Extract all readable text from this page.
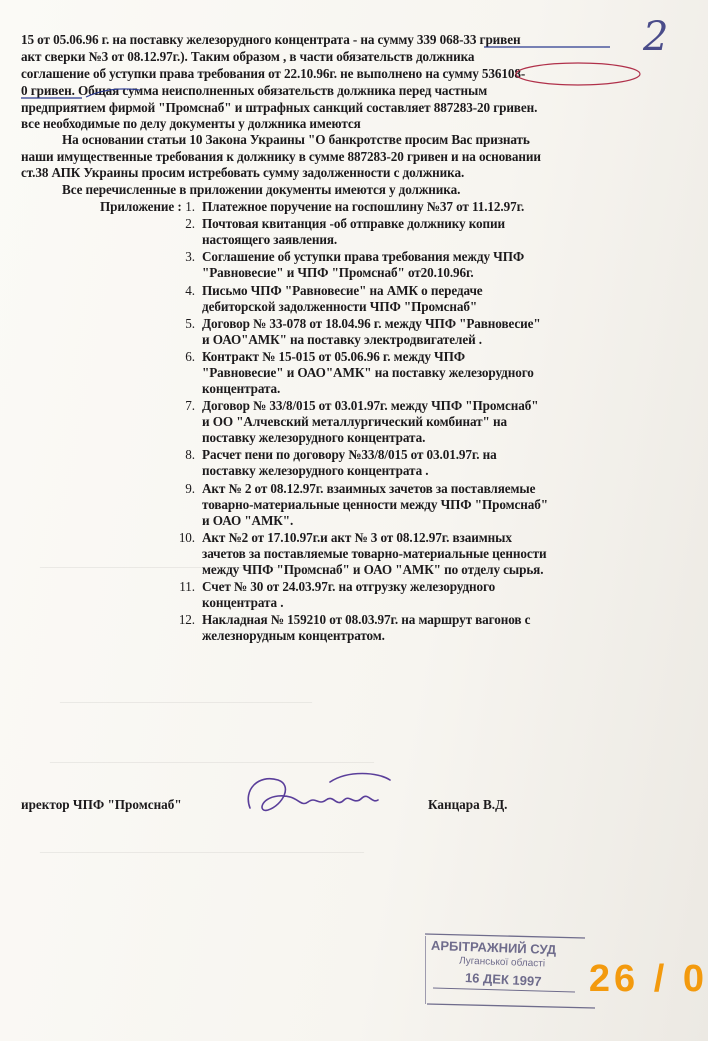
______________________________________________
__________________________________________
______________________________________________________
______________________________________________________
2
15 от 05.06.96 г. на поставку железорудного концентрата - на сумму 339 068-33 гривен
акт сверки №3 от 08.12.97г.). Таким образом , в части обязательств должника
соглашение об уступки права требования от 22.10.96г. не выполнено на сумму 536108-
0 гривен. Общая сумма неисполненных обязательств должника перед частным
предприятием фирмой "Промснаб" и штрафных санкций составляет 887283-20 гривен.
все необходимые по делу документы у должника имеются
На основании статьи 10 Закона Украины "О банкротстве просим Вас признать
наши имущественные требования к должнику в сумме 887283-20 гривен и на основании
ст.38 АПК Украины просим истребовать сумму задолженности с должника.
Все перечисленные в приложении документы имеются у должника.
Приложение : 1. Платежное поручение на госпошлину №37 от 11.12.97г.
2. Почтовая квитанция -об отправке должнику копии
настоящего заявления.
3. Соглашение об уступки права требования между ЧПФ
"Равновесие" и ЧПФ "Промснаб" от20.10.96г.
4. Письмо ЧПФ "Равновесие" на АМК о передаче
дебиторской задолженности ЧПФ "Промснаб"
5. Договор № 33-078 от 18.04.96 г. между ЧПФ "Равновесие"
и ОАО"АМК" на поставку электродвигателей .
6. Контракт № 15-015 от 05.06.96 г. между ЧПФ
"Равновесие" и ОАО"АМК" на поставку железорудного
концентрата.
7. Договор № 33/8/015 от 03.01.97г. между ЧПФ "Промснаб"
и ОО "Алчевский металлургический комбинат" на
поставку железорудного концентрата.
8. Расчет пени по договору №33/8/015 от 03.01.97г. на
поставку железорудного концентрата .
9. Акт № 2 от 08.12.97г. взаимных зачетов за поставляемые
товарно-материальные ценности между ЧПФ "Промснаб"
и ОАО "АМК".
10. Акт №2 от 17.10.97г.и акт № 3 от 08.12.97г. взаимных
зачетов за поставляемые товарно-материальные ценности
между ЧПФ "Промснаб" и ОАО "АМК" по отделу сырья.
11. Счет № 30 от 24.03.97г. на отгрузку железорудного
концентрата .
12. Накладная № 159210 от 08.03.97г. на маршрут вагонов с
железнорудным концентратом.
иректор ЧПФ "Промснаб"	Канцара В.Д.
АРБІТРАЖНИЙ СУД
Луганської області
16 ДЕК 1997 26 / 0
